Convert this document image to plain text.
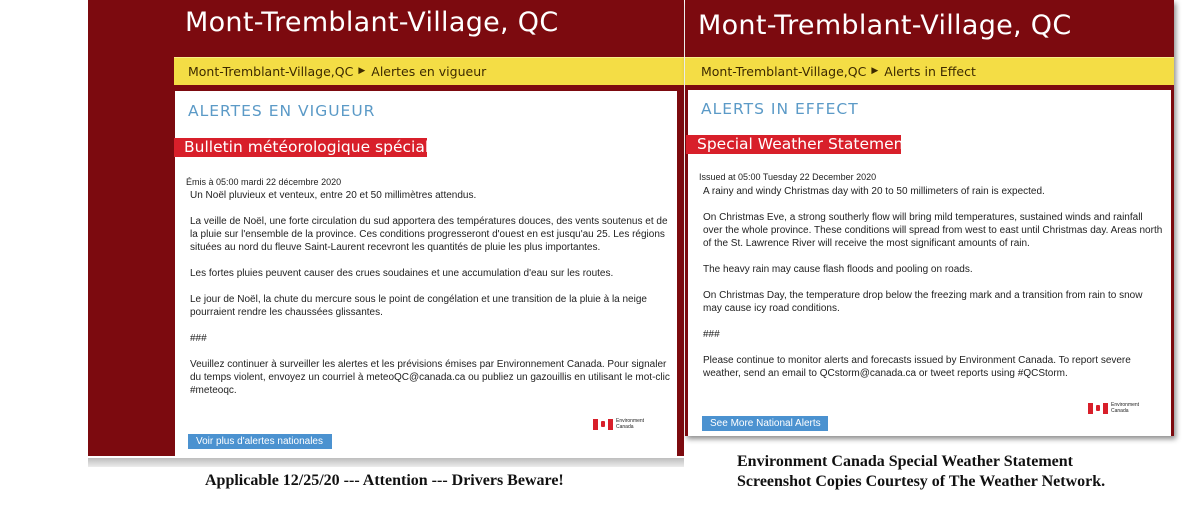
Mont-Tremblant-Village, QC
Mont-Tremblant-Village,QC ▶ Alertes en vigueur
ALERTES EN VIGUEUR
Bulletin météorologique spécial
Émis à 05:00 mardi 22 décembre 2020

Un Noël pluvieux et venteux, entre 20 et 50 millimètres attendus.

La veille de Noël, une forte circulation du sud apportera des températures douces, des vents soutenus et de la pluie sur l'ensemble de la province. Ces conditions progresseront d'ouest en est jusqu'au 25. Les régions situées au nord du fleuve Saint-Laurent recevront les quantités de pluie les plus importantes.

Les fortes pluies peuvent causer des crues soudaines et une accumulation d'eau sur les routes.

Le jour de Noël, la chute du mercure sous le point de congélation et une transition de la pluie à la neige pourraient rendre les chaussées glissantes.

###

Veuillez continuer à surveiller les alertes et les prévisions émises par Environnement Canada. Pour signaler du temps violent, envoyez un courriel à meteoQC@canada.ca ou publiez un gazouillis en utilisant le mot-clic #meteoqc.

Environment
Canada
Voir plus d'alertes nationales
Mont-Tremblant-Village, QC
Mont-Tremblant-Village,QC ▶ Alerts in Effect
ALERTS IN EFFECT
Special Weather Statement
Issued at 05:00 Tuesday 22 December 2020

A rainy and windy Christmas day with 20 to 50 millimeters of rain is expected.

On Christmas Eve, a strong southerly flow will bring mild temperatures, sustained winds and rainfall over the whole province. These conditions will spread from west to east until Christmas day. Areas north of the St. Lawrence River will receive the most significant amounts of rain.

The heavy rain may cause flash floods and pooling on roads.

On Christmas Day, the temperature drop below the freezing mark and a transition from rain to snow may cause icy road conditions.

###

Please continue to monitor alerts and forecasts issued by Environment Canada. To report severe weather, send an email to QCstorm@canada.ca or tweet reports using #QCStorm.

Environment
Canada
See More National Alerts
Applicable 12/25/20 --- Attention --- Drivers Beware!
Environment Canada Special Weather Statement
Screenshot Copies Courtesy of The Weather Network.
